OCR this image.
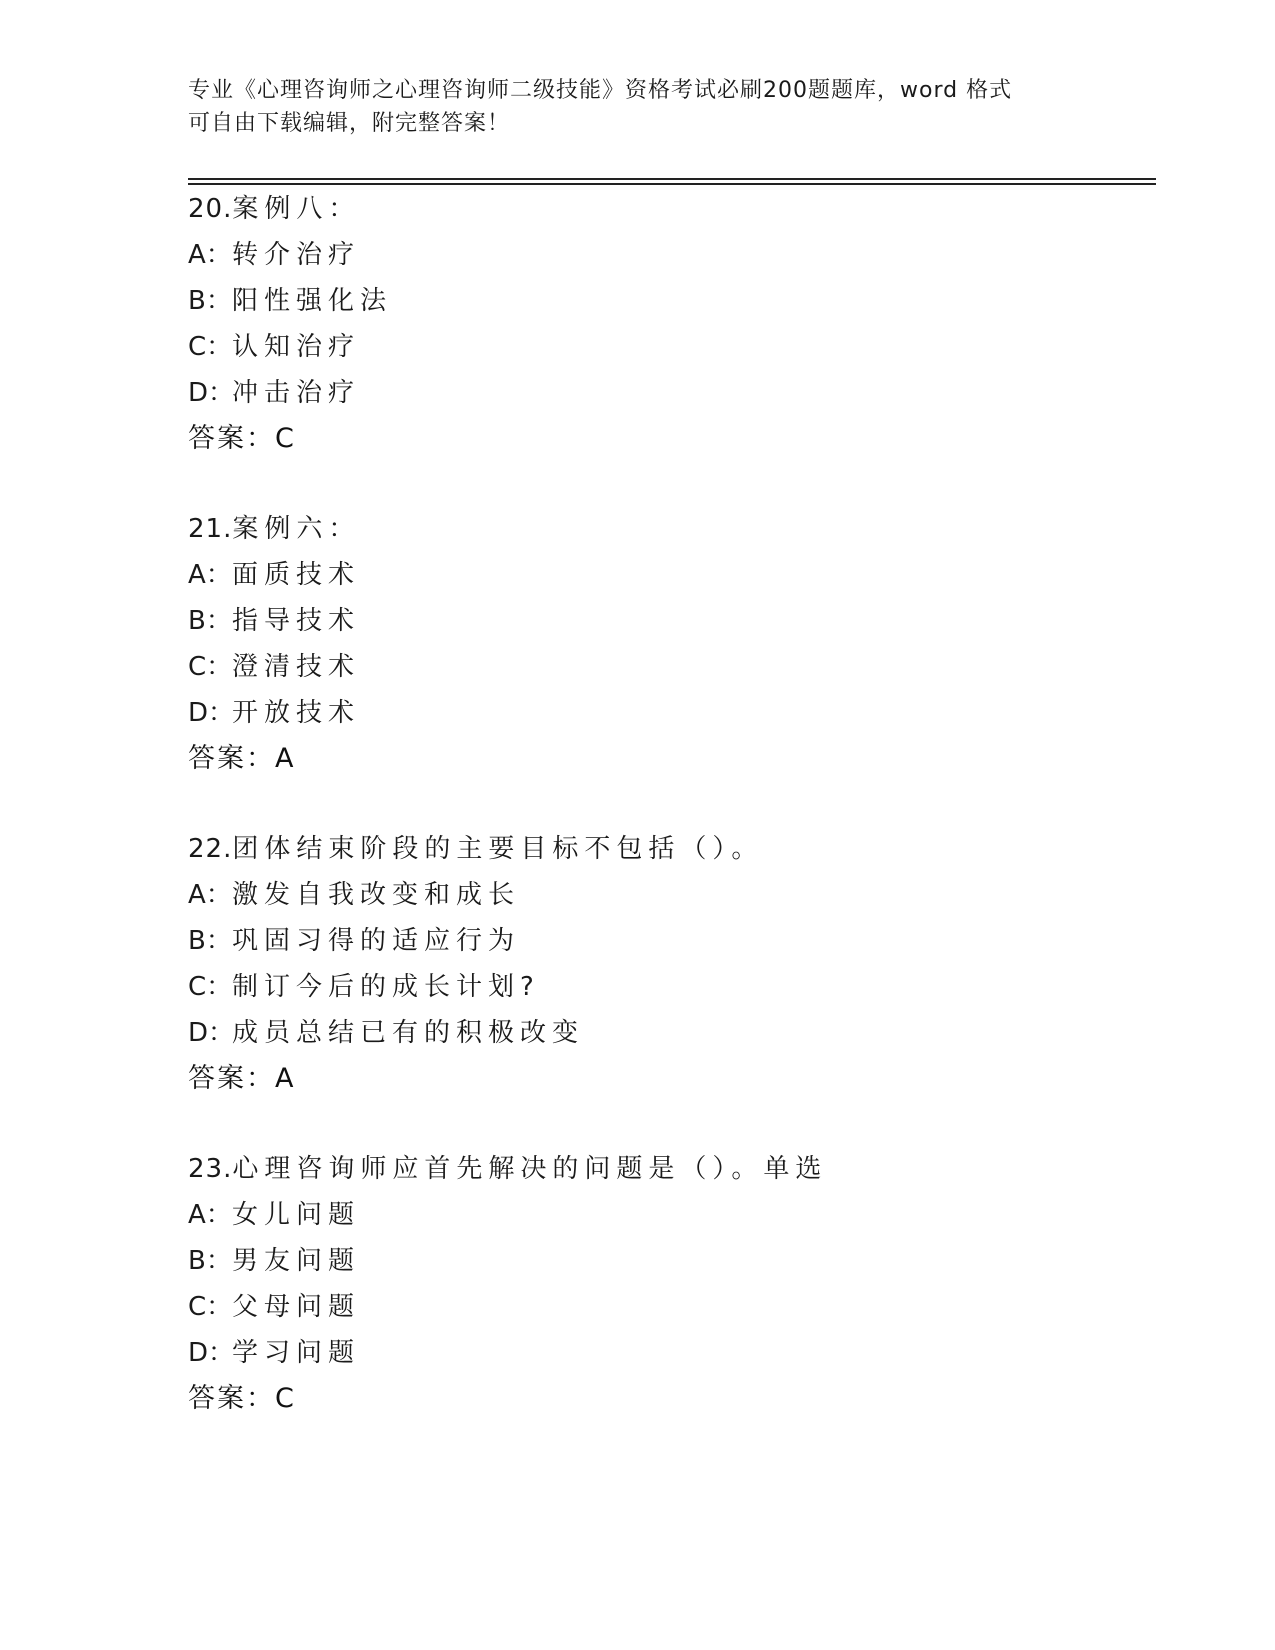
专业《心理咨询师之心理咨询师二级技能》资格考试必刷200题题库，word 格式
可自由下载编辑，附完整答案！
20.案例八：
A：转介治疗
B：阳性强化法
C：认知治疗
D：冲击治疗
答案：C
21.案例六：
A：面质技术
B：指导技术
C：澄清技术
D：开放技术
答案：A
22.团体结束阶段的主要目标不包括（）。
A：激发自我改变和成长
B：巩固习得的适应行为
C：制订今后的成长计划?
D：成员总结已有的积极改变
答案：A
23.心理咨询师应首先解决的问题是（）。单选
A：女儿问题
B：男友问题
C：父母问题
D：学习问题
答案：C
